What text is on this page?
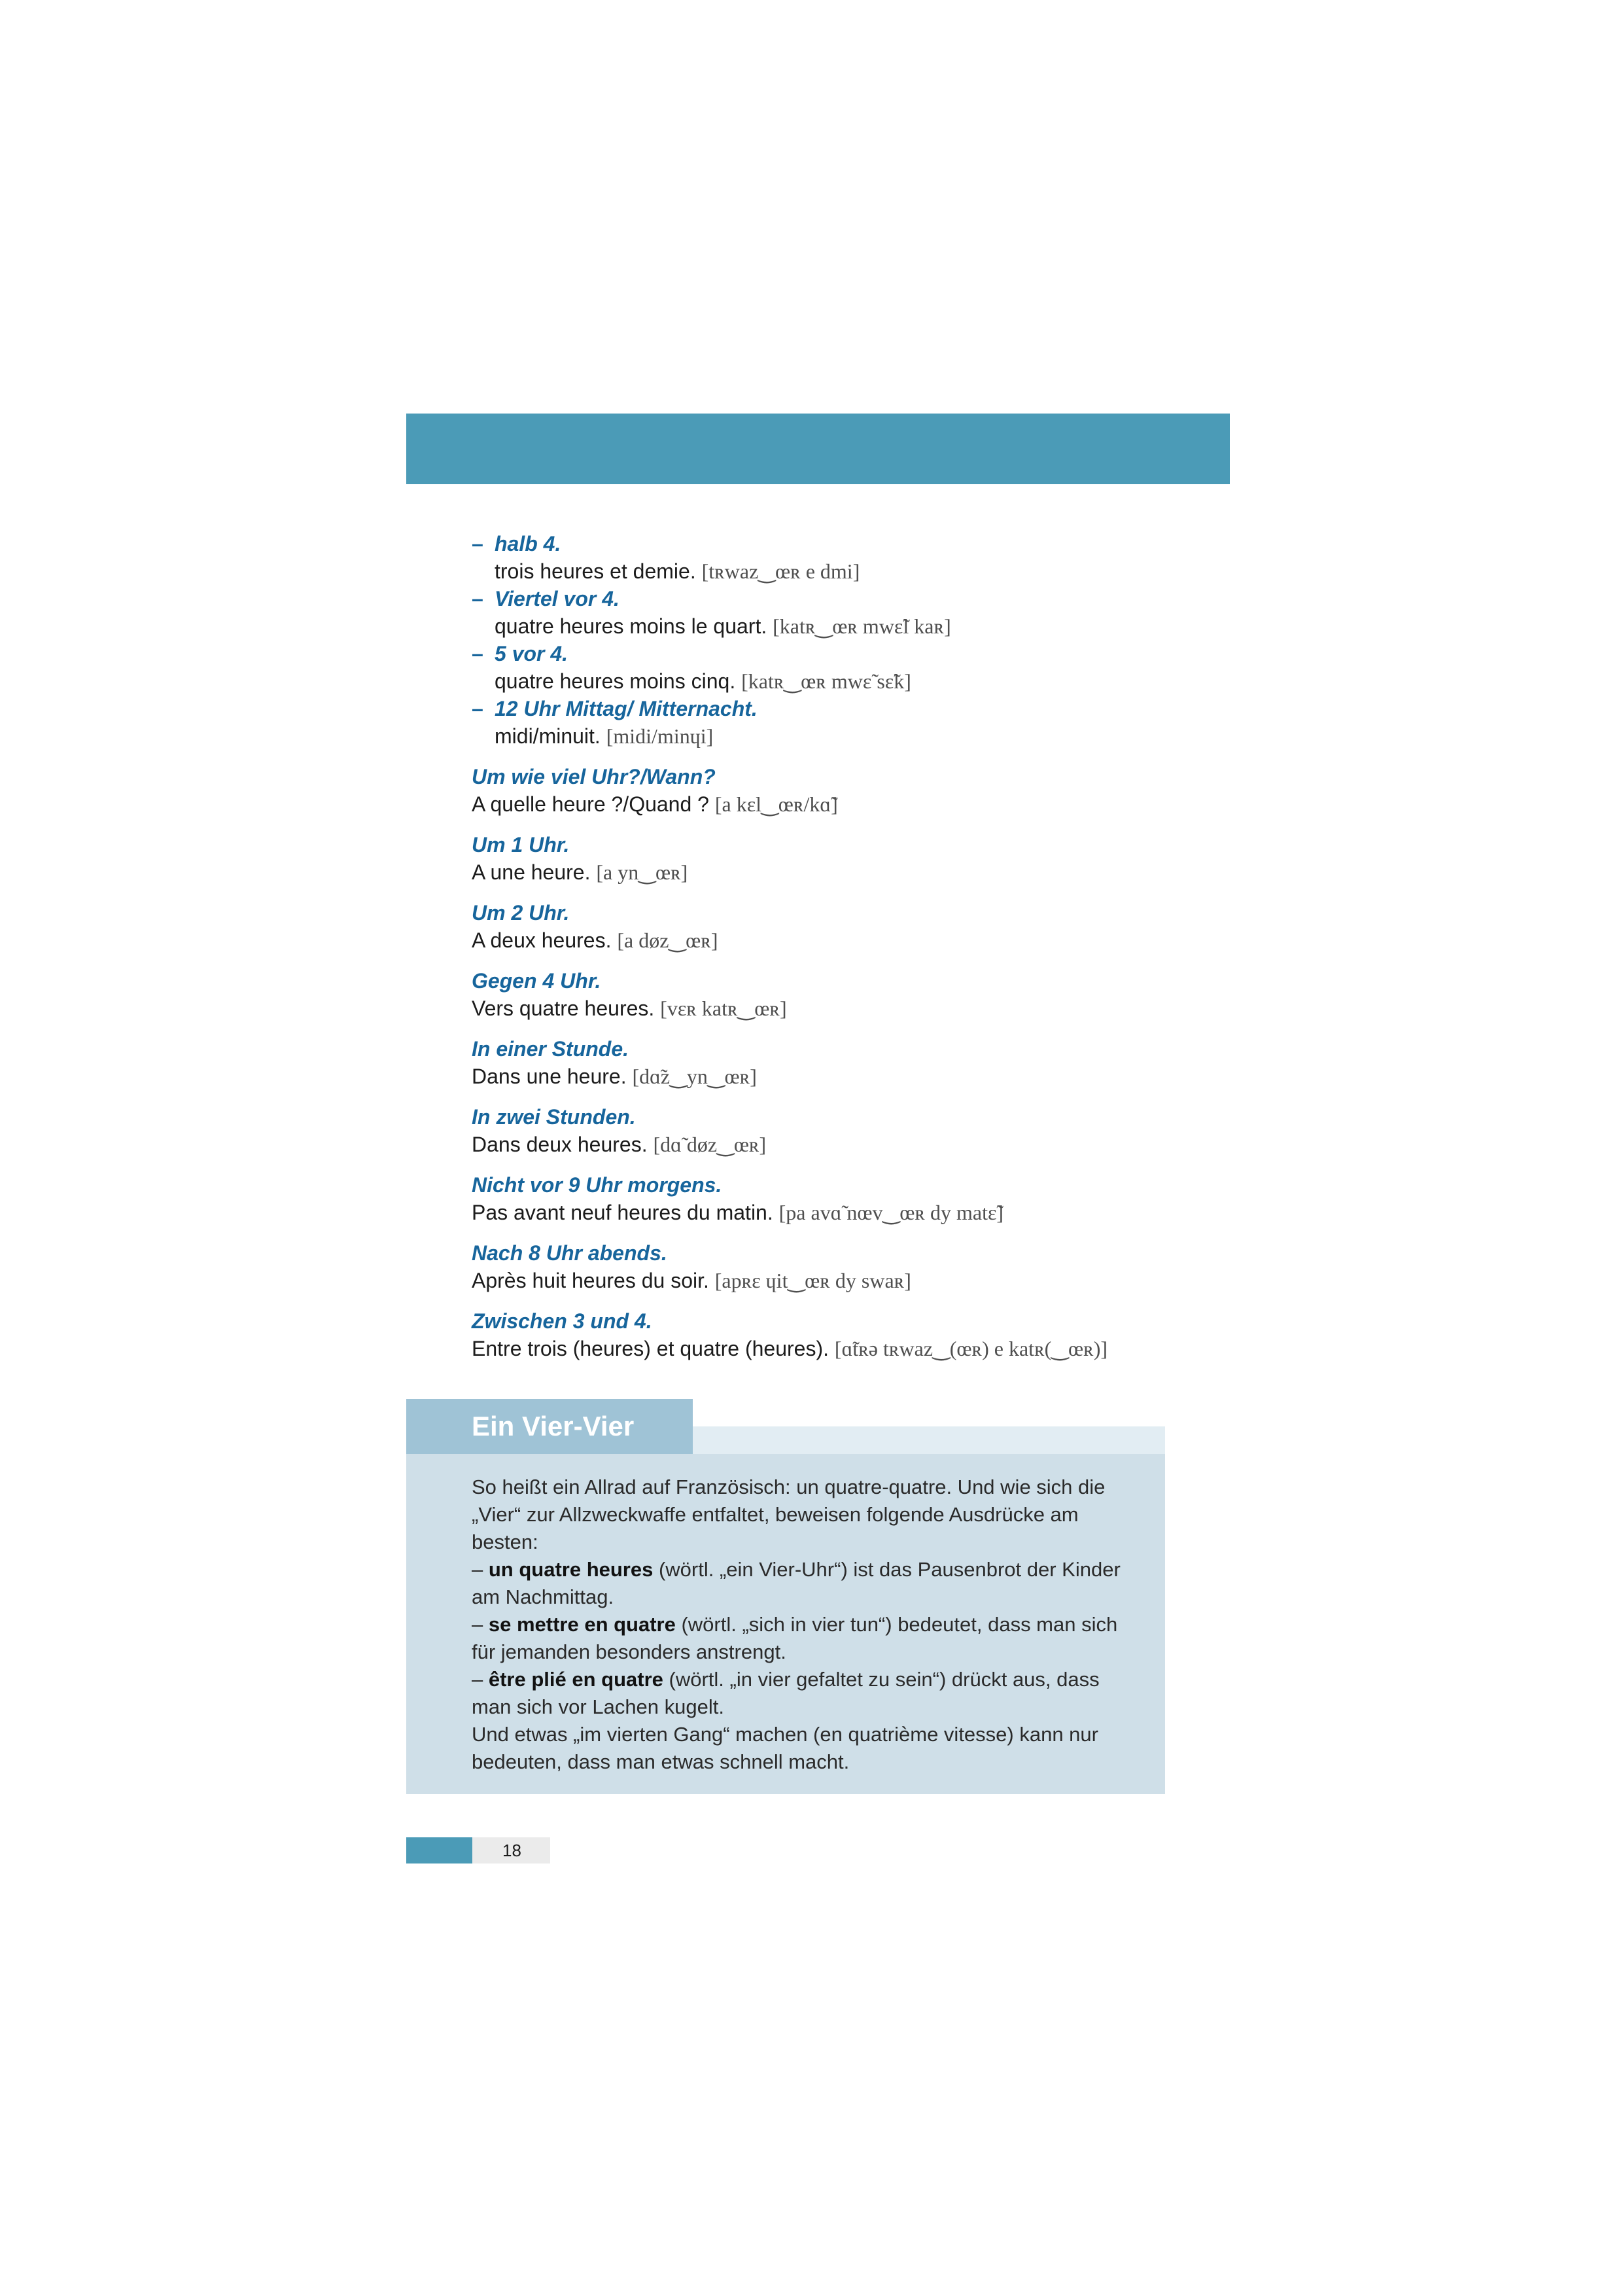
– halb 4.
trois heures et demie. [tʀwaz‿œʀ e dmi]
– Viertel vor 4.
quatre heures moins le quart. [katʀ‿œʀ mwɛ̃l kaʀ]
– 5 vor 4.
quatre heures moins cinq. [katʀ‿œʀ mwɛ̃ sɛ̃k]
– 12 Uhr Mittag/ Mitternacht.
midi/minuit. [midi/minɥi]
Um wie viel Uhr?/Wann?
A quelle heure ?/Quand ? [a kɛl‿œʀ/kɑ̃]
Um 1 Uhr.
A une heure. [a yn‿œʀ]
Um 2 Uhr.
A deux heures. [a døz‿œʀ]
Gegen 4 Uhr.
Vers quatre heures. [vɛʀ katʀ‿œʀ]
In einer Stunde.
Dans une heure. [dɑ̃z‿yn‿œʀ]
In zwei Stunden.
Dans deux heures. [dɑ̃ døz‿œʀ]
Nicht vor 9 Uhr morgens.
Pas avant neuf heures du matin. [pa avɑ̃ nœv‿œʀ dy matɛ̃]
Nach 8 Uhr abends.
Après huit heures du soir. [apʀɛ ɥit‿œʀ dy swaʀ]
Zwischen 3 und 4.
Entre trois (heures) et quatre (heures). [ɑ̃tʀə tʀwaz‿(œʀ) e katʀ(‿œʀ)]
Ein Vier-Vier

So heißt ein Allrad auf Französisch: un quatre-quatre. Und wie sich die „Vier“ zur Allzweckwaffe entfaltet, beweisen folgende Ausdrücke am besten:

– un quatre heures (wörtl. „ein Vier-Uhr“) ist das Pausenbrot der Kinder am Nachmittag.

– se mettre en quatre (wörtl. „sich in vier tun“) bedeutet, dass man sich für jemanden besonders anstrengt.

– être plié en quatre (wörtl. „in vier gefaltet zu sein“) drückt aus, dass man sich vor Lachen kugelt.

Und etwas „im vierten Gang“ machen (en quatrième vitesse) kann nur bedeuten, dass man etwas schnell macht.

18
